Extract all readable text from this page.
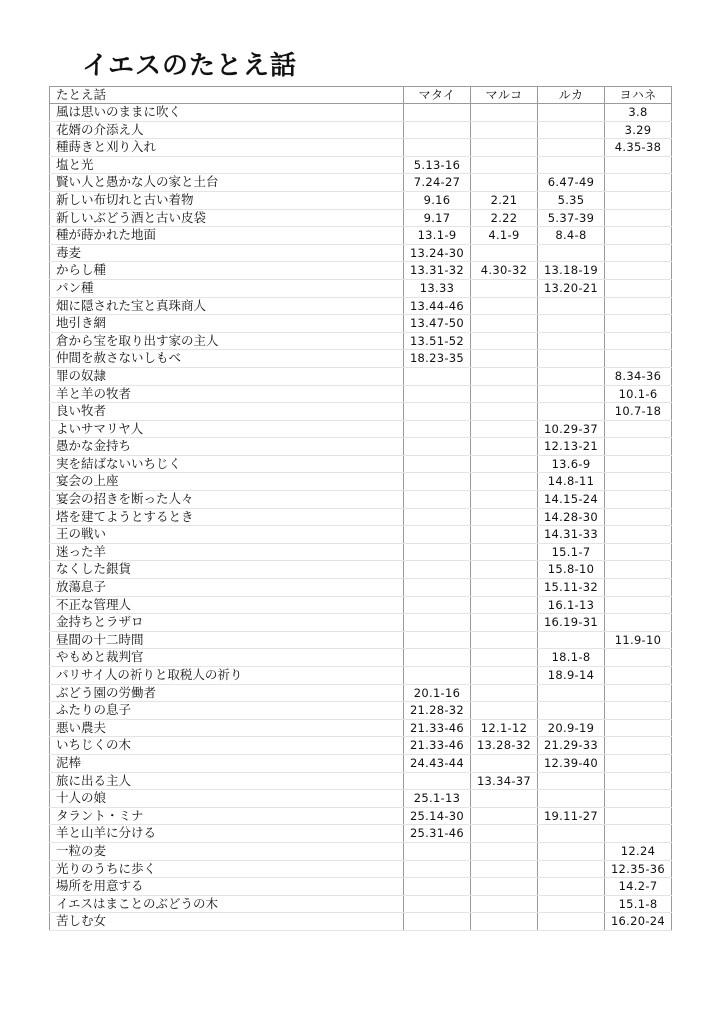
イエスのたとえ話
たとえ話	マタイ	マルコ	ルカ	ヨハネ
風は思いのままに吹く				3.8
花婿の介添え人				3.29
種蒔きと刈り入れ				4.35-38
塩と光	5.13-16			
賢い人と愚かな人の家と土台	7.24-27		6.47-49	
新しい布切れと古い着物	9.16	2.21	5.35	
新しいぶどう酒と古い皮袋	9.17	2.22	5.37-39	
種が蒔かれた地面	13.1-9	4.1-9	8.4-8	
毒麦	13.24-30			
からし種	13.31-32	4.30-32	13.18-19	
パン種	13.33		13.20-21	
畑に隠された宝と真珠商人	13.44-46			
地引き網	13.47-50			
倉から宝を取り出す家の主人	13.51-52			
仲間を赦さないしもべ	18.23-35			
罪の奴隷				8.34-36
羊と羊の牧者				10.1-6
良い牧者				10.7-18
よいサマリヤ人			10.29-37	
愚かな金持ち			12.13-21	
実を結ばないいちじく			13.6-9	
宴会の上座			14.8-11	
宴会の招きを断った人々			14.15-24	
塔を建てようとするとき			14.28-30	
王の戦い			14.31-33	
迷った羊			15.1-7	
なくした銀貨			15.8-10	
放蕩息子			15.11-32	
不正な管理人			16.1-13	
金持ちとラザロ			16.19-31	
昼間の十二時間				11.9-10
やもめと裁判官			18.1-8	
パリサイ人の祈りと取税人の祈り			18.9-14	
ぶどう園の労働者	20.1-16			
ふたりの息子	21.28-32			
悪い農夫	21.33-46	12.1-12	20.9-19	
いちじくの木	21.33-46	13.28-32	21.29-33	
泥棒	24.43-44		12.39-40	
旅に出る主人		13.34-37		
十人の娘	25.1-13			
タラント・ミナ	25.14-30		19.11-27	
羊と山羊に分ける	25.31-46			
一粒の麦				12.24
光りのうちに歩く				12.35-36
場所を用意する				14.2-7
イエスはまことのぶどうの木				15.1-8
苦しむ女				16.20-24
